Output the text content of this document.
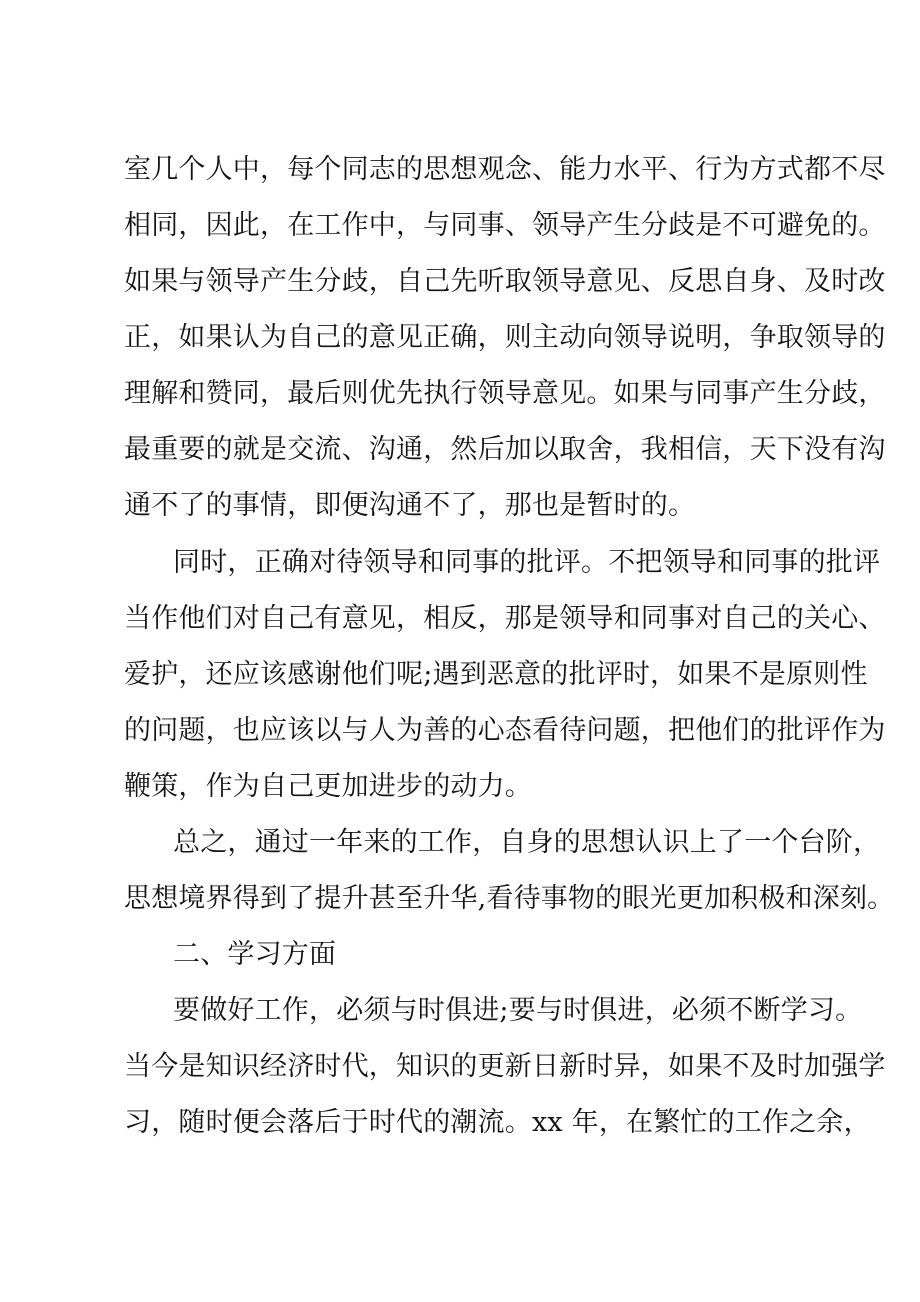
室几个人中，每个同志的思想观念、能力水平、行为方式都不尽
相同，因此，在工作中，与同事、领导产生分歧是不可避免的。
如果与领导产生分歧，自己先听取领导意见、反思自身、及时改
正，如果认为自己的意见正确，则主动向领导说明，争取领导的
理解和赞同，最后则优先执行领导意见。如果与同事产生分歧，
最重要的就是交流、沟通，然后加以取舍，我相信，天下没有沟
通不了的事情，即便沟通不了，那也是暂时的。
同时，正确对待领导和同事的批评。不把领导和同事的批评
当作他们对自己有意见，相反，那是领导和同事对自己的关心、
爱护，还应该感谢他们呢;遇到恶意的批评时，如果不是原则性
的问题，也应该以与人为善的心态看待问题，把他们的批评作为
鞭策，作为自己更加进步的动力。
总之，通过一年来的工作，自身的思想认识上了一个台阶，
思想境界得到了提升甚至升华,看待事物的眼光更加积极和深刻。
二、学习方面
要做好工作，必须与时俱进;要与时俱进，必须不断学习。
当今是知识经济时代，知识的更新日新时异，如果不及时加强学
习，随时便会落后于时代的潮流。xx 年，在繁忙的工作之余，
